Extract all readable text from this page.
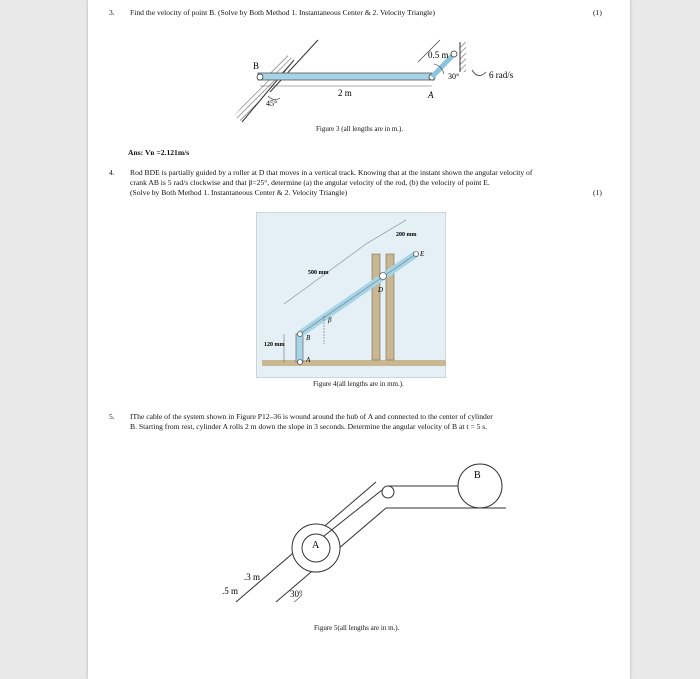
3. Find the velocity of point B. (Solve by Both Method 1. Instantaneous Center & 2. Velocity Triangle)	(1)
B
A
0.5 m
2 m
30°
45°
6 rad/s
Figure 3 (all lengths are in m.).
Ans: Vʙ =2.121m/s
4. Rod BDE is partially guided by a roller at D that moves in a vertical track. Knowing that at the instant shown the angular velocity of
crank AB is 5 rad/s clockwise and that β=25°, determine (a) the angular velocity of the rod, (b) the velocity of point E.
(Solve by Both Method 1. Instantaneous Center & 2. Velocity Triangle)	(1)
β
200 mm
500 mm
120 mm
E
D
B
A
Figure 4(all lengths are in mm.).
5. IThe cable of the system shown in Figure P12–36 is wound around the hub of A and connected to the center of cylinder
B. Starting from rest, cylinder A rolls 2 m down the slope in 3 seconds. Determine the angular velocity of B at t = 5 s.
A
B
.5 m
.3 m
30°
Figure 5(all lengths are in m.).
